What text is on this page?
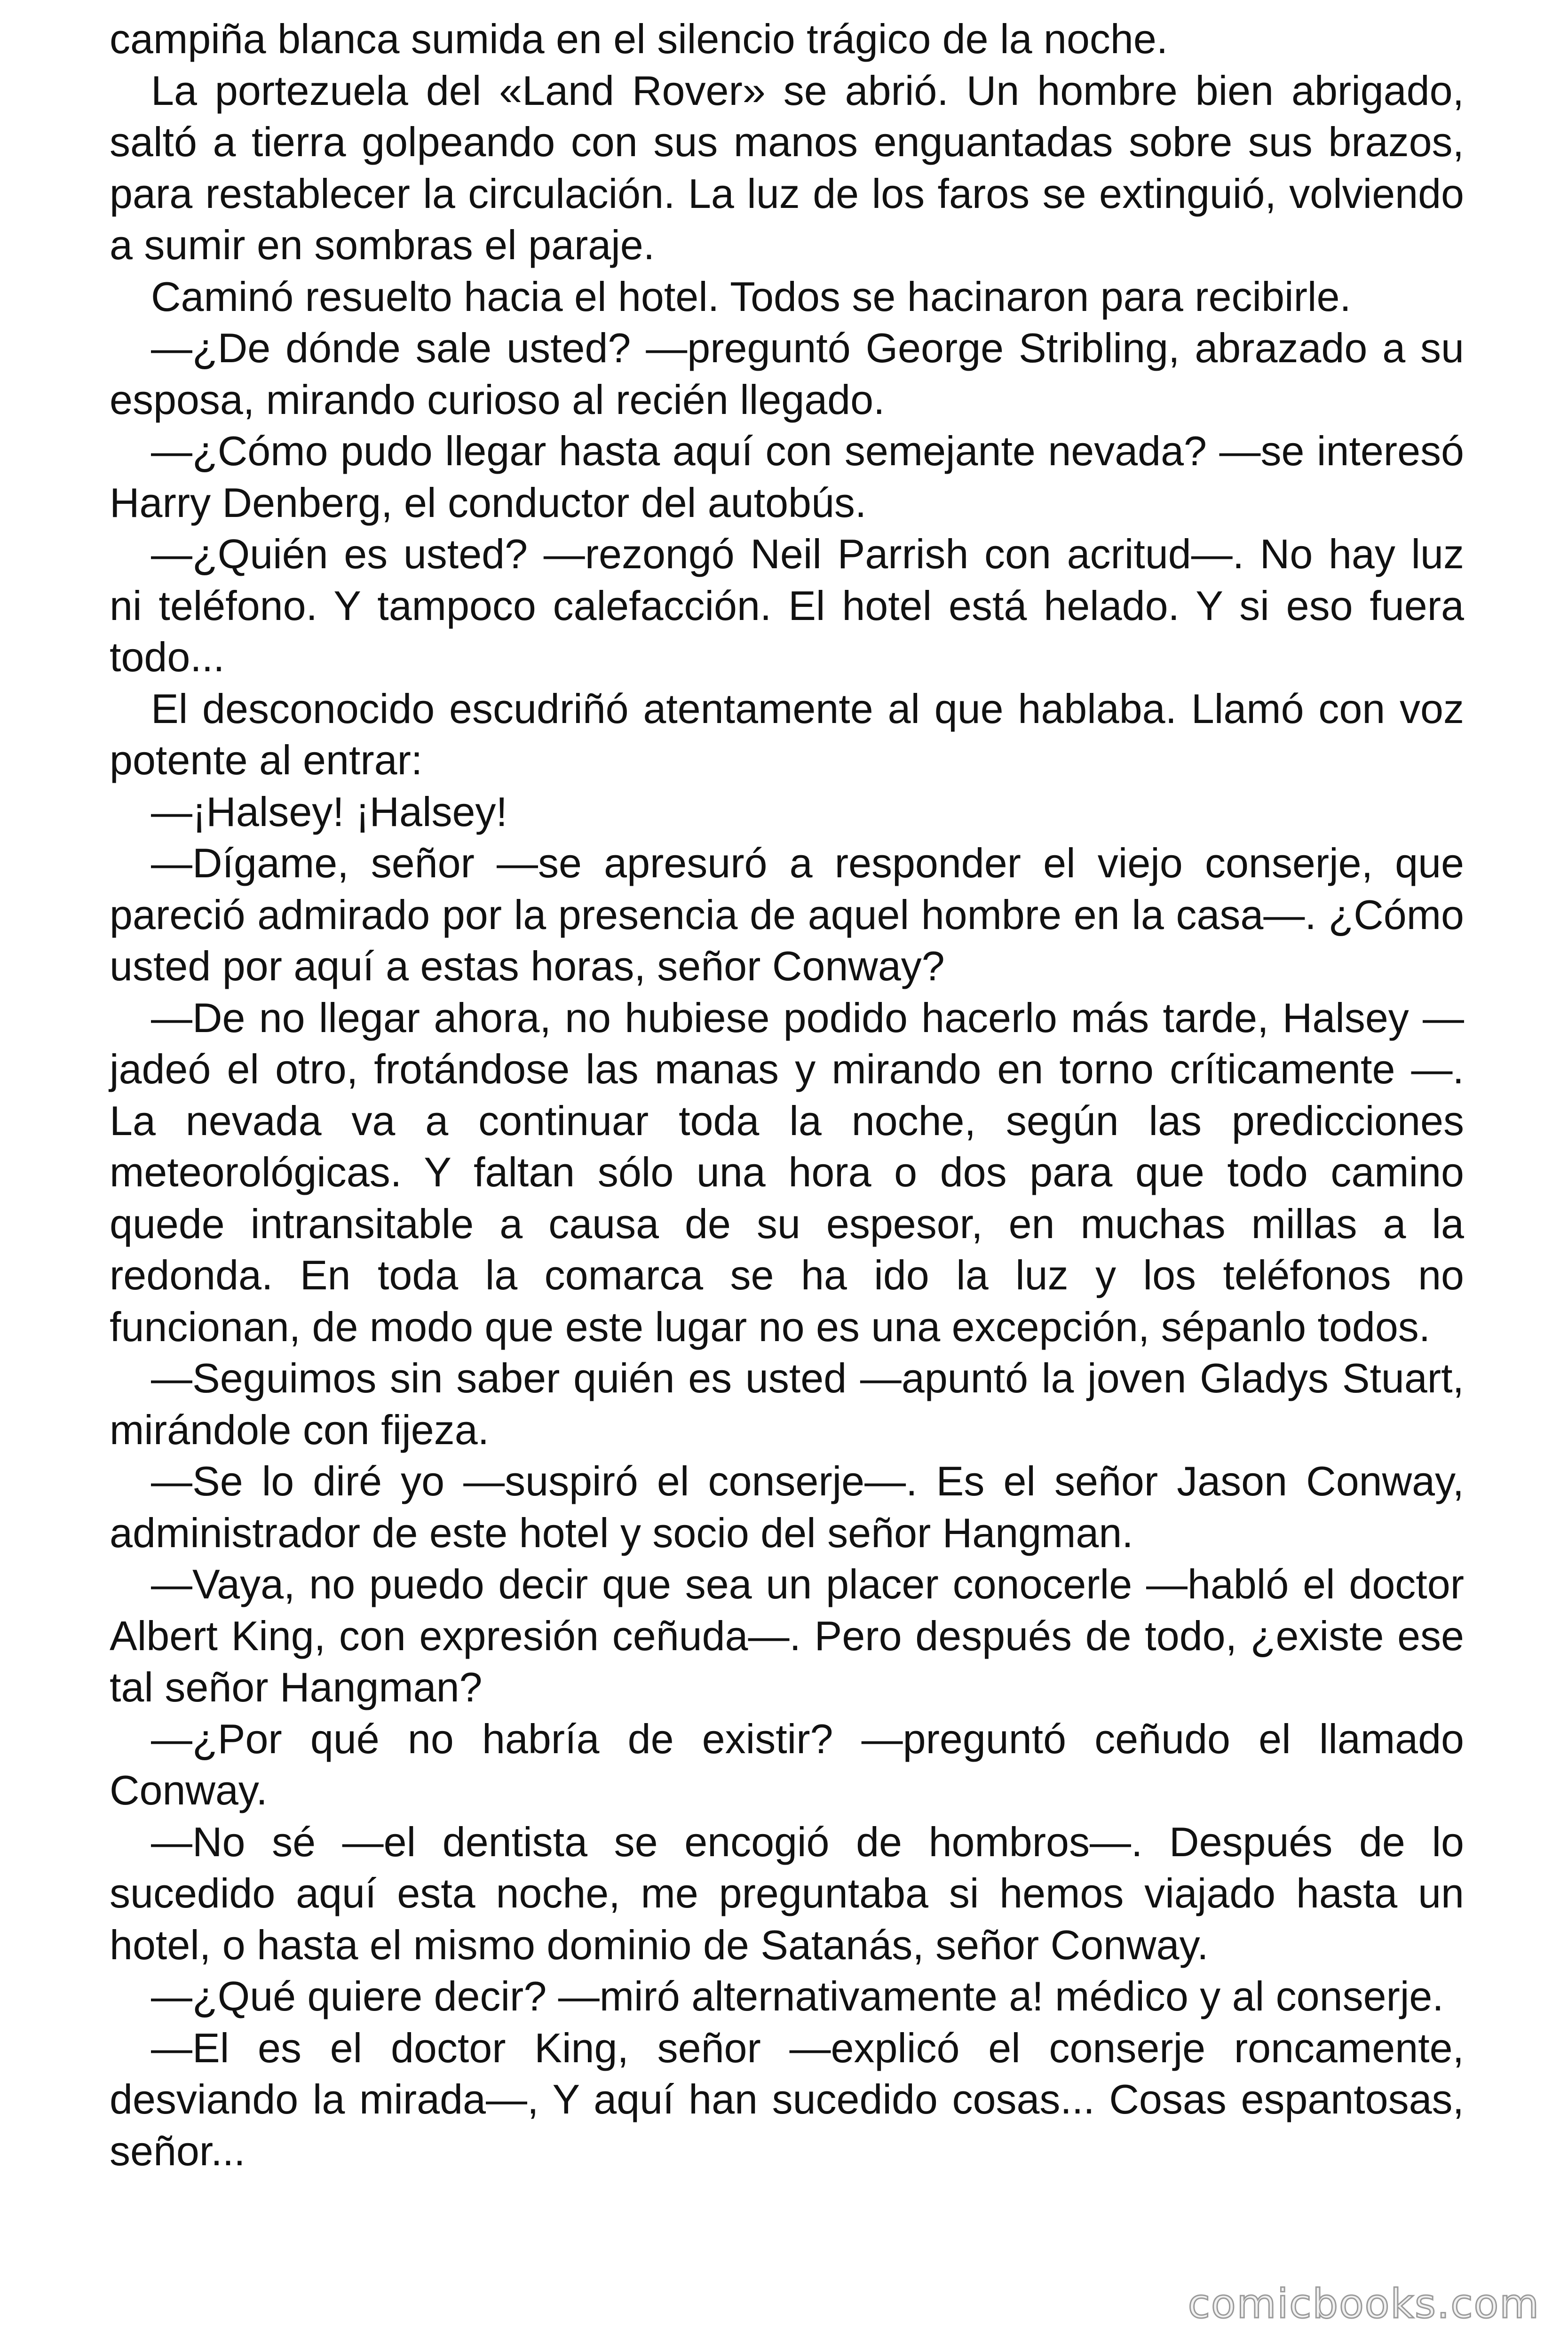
campiña blanca sumida en el silencio trágico de la noche.

La portezuela del «Land Rover» se abrió. Un hombre bien abrigado, saltó a tierra golpeando con sus manos enguantadas sobre sus brazos, para restablecer la circulación. La luz de los faros se extinguió, volviendo a sumir en sombras el paraje.

Caminó resuelto hacia el hotel. Todos se hacinaron para recibirle.

—¿De dónde sale usted? —preguntó George Stribling, abrazado a su esposa, mirando curioso al recién llegado.

—¿Cómo pudo llegar hasta aquí con semejante nevada? —se interesó Harry Denberg, el conductor del autobús.

—¿Quién es usted? —rezongó Neil Parrish con acritud—. No hay luz ni teléfono. Y tampoco calefacción. El hotel está helado. Y si eso fuera todo...

El desconocido escudriñó atentamente al que hablaba. Llamó con voz potente al entrar:

—¡Halsey! ¡Halsey!

—Dígame, señor —se apresuró a responder el viejo conserje, que pareció admirado por la presencia de aquel hombre en la casa—. ¿Cómo usted por aquí a estas horas, señor Conway?

—De no llegar ahora, no hubiese podido hacerlo más tarde, Halsey —jadeó el otro, frotándose las manas y mirando en torno críticamente —. La nevada va a continuar toda la noche, según las predicciones meteorológicas. Y faltan sólo una hora o dos para que todo camino quede intransitable a causa de su espesor, en muchas millas a la redonda. En toda la comarca se ha ido la luz y los teléfonos no funcionan, de modo que este lugar no es una excepción, sépanlo todos.

—Seguimos sin saber quién es usted —apuntó la joven Gladys Stuart, mirándole con fijeza.

—Se lo diré yo —suspiró el conserje—. Es el señor Jason Conway, administrador de este hotel y socio del señor Hangman.

—Vaya, no puedo decir que sea un placer conocerle —habló el doctor Albert King, con expresión ceñuda—. Pero después de todo, ¿existe ese tal señor Hangman?

—¿Por qué no habría de existir? —preguntó ceñudo el llamado Conway.

—No sé —el dentista se encogió de hombros—. Después de lo sucedido aquí esta noche, me preguntaba si hemos viajado hasta un hotel, o hasta el mismo dominio de Satanás, señor Conway.

—¿Qué quiere decir? —miró alternativamente a! médico y al conserje.

—El es el doctor King, señor —explicó el conserje roncamente, desviando la mirada—, Y aquí han sucedido cosas... Cosas espantosas, señor...

comicbooks.com
